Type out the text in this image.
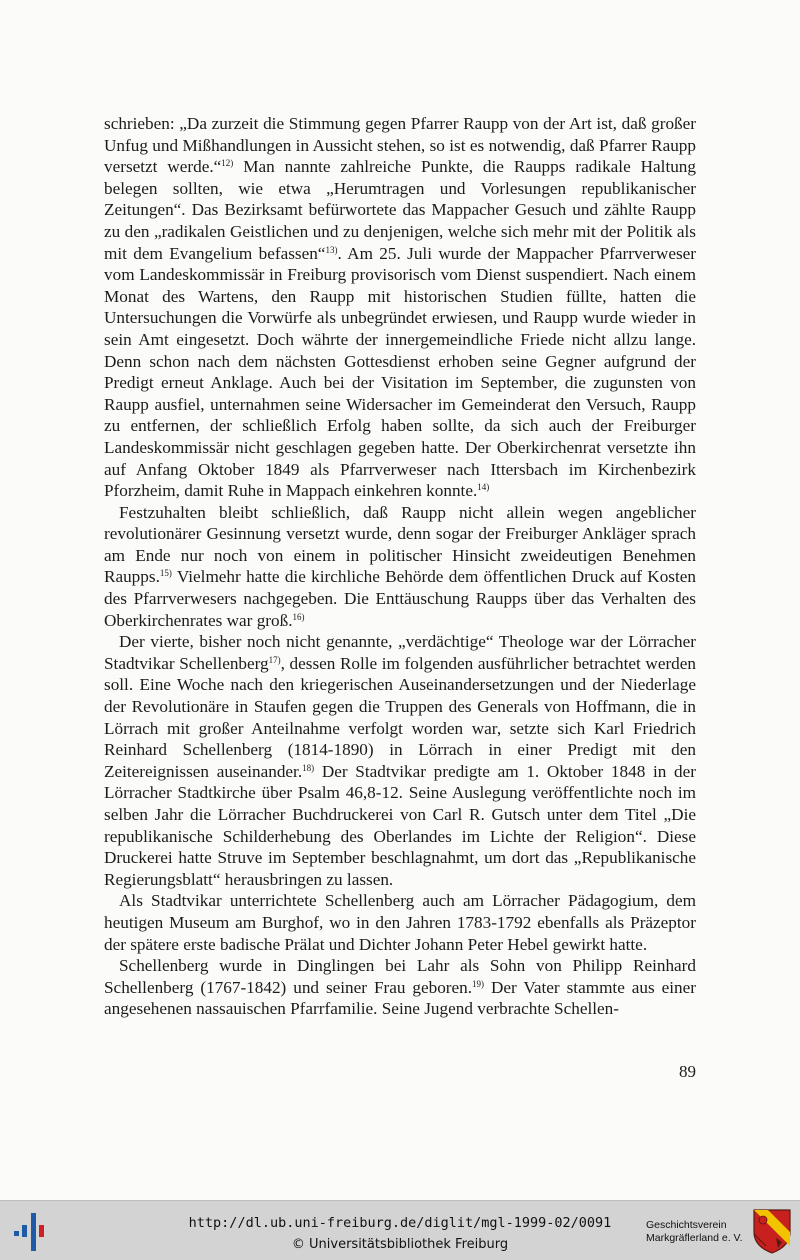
schrieben: „Da zurzeit die Stimmung gegen Pfarrer Raupp von der Art ist, daß großer Unfug und Mißhandlungen in Aussicht stehen, so ist es notwendig, daß Pfarrer Raupp versetzt werde.“$^{12)}$ Man nannte zahlreiche Punkte, die Raupps radikale Haltung belegen sollten, wie etwa „Herumtragen und Vorlesungen republikanischer Zeitungen“. Das Bezirksamt befürwortete das Mappacher Gesuch und zählte Raupp zu den „radikalen Geistlichen und zu denjenigen, welche sich mehr mit der Politik als mit dem Evangelium befassen“$^{13)}$. Am 25. Juli wurde der Mappacher Pfarrverweser vom Landeskommissär in Freiburg provisorisch vom Dienst suspendiert. Nach einem Monat des Wartens, den Raupp mit historischen Studien füllte, hatten die Untersuchungen die Vorwürfe als unbegründet erwiesen, und Raupp wurde wieder in sein Amt eingesetzt. Doch währte der innergemeindliche Friede nicht allzu lange. Denn schon nach dem nächsten Gottesdienst erhoben seine Gegner aufgrund der Predigt erneut Anklage. Auch bei der Visitation im September, die zugunsten von Raupp ausfiel, unternahmen seine Widersacher im Gemeinderat den Versuch, Raupp zu entfernen, der schließlich Erfolg haben sollte, da sich auch der Freiburger Landeskommissär nicht geschlagen gegeben hatte. Der Oberkirchenrat versetzte ihn auf Anfang Oktober 1849 als Pfarrverweser nach Ittersbach im Kirchenbezirk Pforzheim, damit Ruhe in Mappach einkehren konnte.$^{14)}$

Festzuhalten bleibt schließlich, daß Raupp nicht allein wegen angeblicher revolutionärer Gesinnung versetzt wurde, denn sogar der Freiburger Ankläger sprach am Ende nur noch von einem in politischer Hinsicht zweideutigen Benehmen Raupps.$^{15)}$ Vielmehr hatte die kirchliche Behörde dem öffentlichen Druck auf Kosten des Pfarrverwesers nachgegeben. Die Enttäuschung Raupps über das Verhalten des Oberkirchenrates war groß.$^{16)}$

Der vierte, bisher noch nicht genannte, „verdächtige“ Theologe war der Lörracher Stadtvikar Schellenberg$^{17)}$, dessen Rolle im folgenden ausführlicher betrachtet werden soll. Eine Woche nach den kriegerischen Auseinandersetzungen und der Niederlage der Revolutionäre in Staufen gegen die Truppen des Generals von Hoffmann, die in Lörrach mit großer Anteilnahme verfolgt worden war, setzte sich Karl Friedrich Reinhard Schellenberg (1814-1890) in Lörrach in einer Predigt mit den Zeitereignissen auseinander.$^{18)}$ Der Stadtvikar predigte am 1. Oktober 1848 in der Lörracher Stadtkirche über Psalm 46,8-12. Seine Auslegung veröffentlichte noch im selben Jahr die Lörracher Buchdruckerei von Carl R. Gutsch unter dem Titel „Die republikanische Schilderhebung des Oberlandes im Lichte der Religion“. Diese Druckerei hatte Struve im September beschlagnahmt, um dort das „Republikanische Regierungsblatt“ herausbringen zu lassen.

Als Stadtvikar unterrichtete Schellenberg auch am Lörracher Pädagogium, dem heutigen Museum am Burghof, wo in den Jahren 1783-1792 ebenfalls als Präzeptor der spätere erste badische Prälat und Dichter Johann Peter Hebel gewirkt hatte.

Schellenberg wurde in Dinglingen bei Lahr als Sohn von Philipp Reinhard Schellenberg (1767-1842) und seiner Frau geboren.$^{19)}$ Der Vater stammte aus einer angesehenen nassauischen Pfarrfamilie. Seine Jugend verbrachte Schellen-

89
http://dl.ub.uni-freiburg.de/diglit/mgl-1999-02/0091
© Universitätsbibliothek Freiburg
Geschichtsverein
Markgräflerland e. V.
